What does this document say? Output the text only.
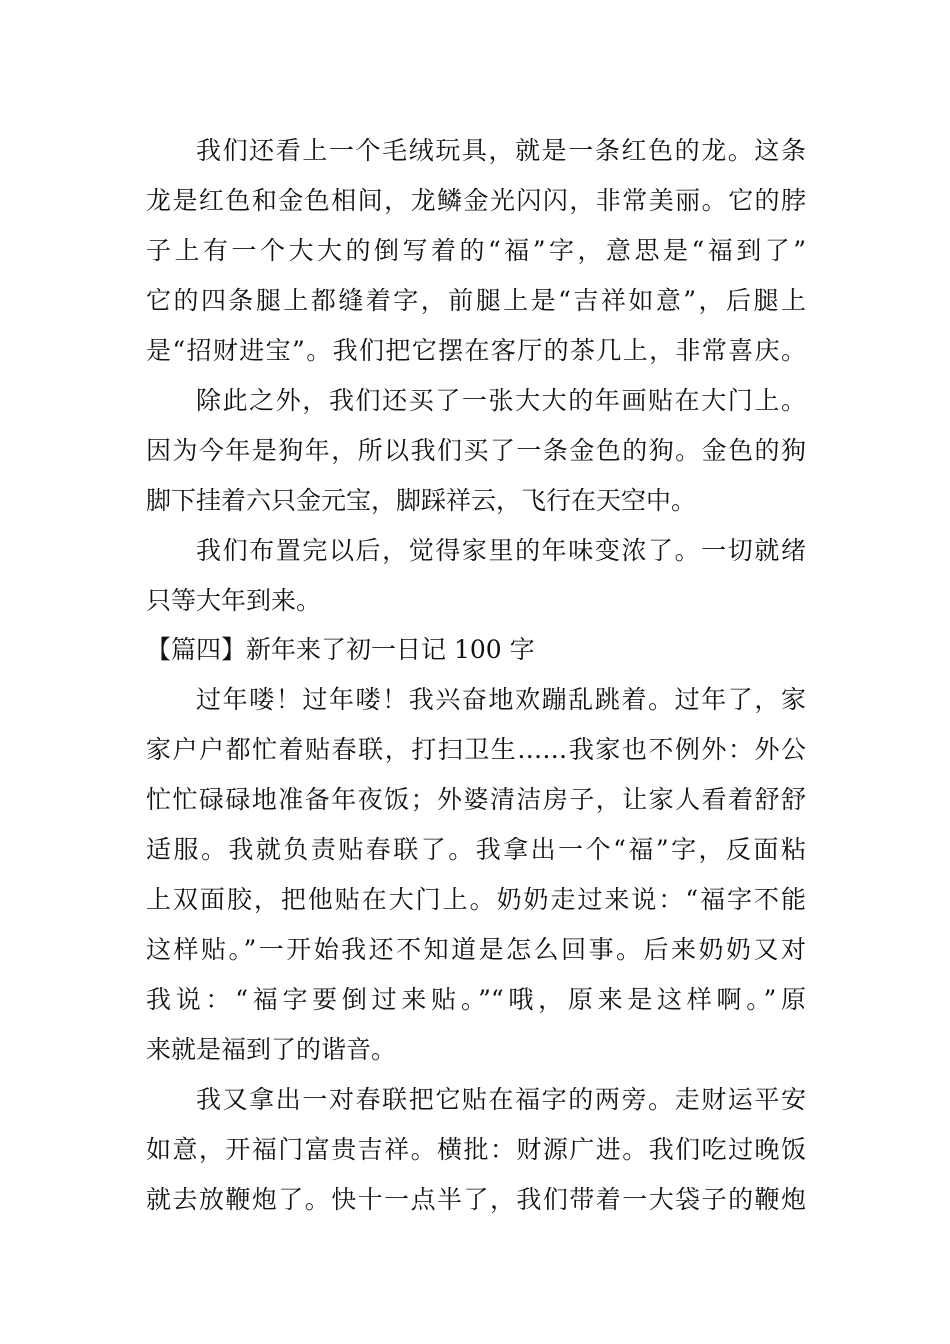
我们还看上一个毛绒玩具，就是一条红色的龙。这条
龙是红色和金色相间，龙鳞金光闪闪，非常美丽。它的脖
子上有一个大大的倒写着的“福”字，意思是“福到了”
它的四条腿上都缝着字，前腿上是“吉祥如意”，后腿上
是“招财进宝”。我们把它摆在客厅的茶几上，非常喜庆。
除此之外，我们还买了一张大大的年画贴在大门上。
因为今年是狗年，所以我们买了一条金色的狗。金色的狗
脚下挂着六只金元宝，脚踩祥云，飞行在天空中。
我们布置完以后，觉得家里的年味变浓了。一切就绪
只等大年到来。
【篇四】新年来了初一日记 100 字
过年喽！过年喽！我兴奋地欢蹦乱跳着。过年了，家
家户户都忙着贴春联，打扫卫生……我家也不例外：外公
忙忙碌碌地准备年夜饭；外婆清洁房子，让家人看着舒舒
适服。我就负责贴春联了。我拿出一个“福”字，反面粘
上双面胶，把他贴在大门上。奶奶走过来说：“福字不能
这样贴。”一开始我还不知道是怎么回事。后来奶奶又对
我说：“福字要倒过来贴。”“哦，原来是这样啊。”原
来就是福到了的谐音。
我又拿出一对春联把它贴在福字的两旁。走财运平安
如意，开福门富贵吉祥。横批：财源广进。我们吃过晚饭
就去放鞭炮了。快十一点半了，我们带着一大袋子的鞭炮
